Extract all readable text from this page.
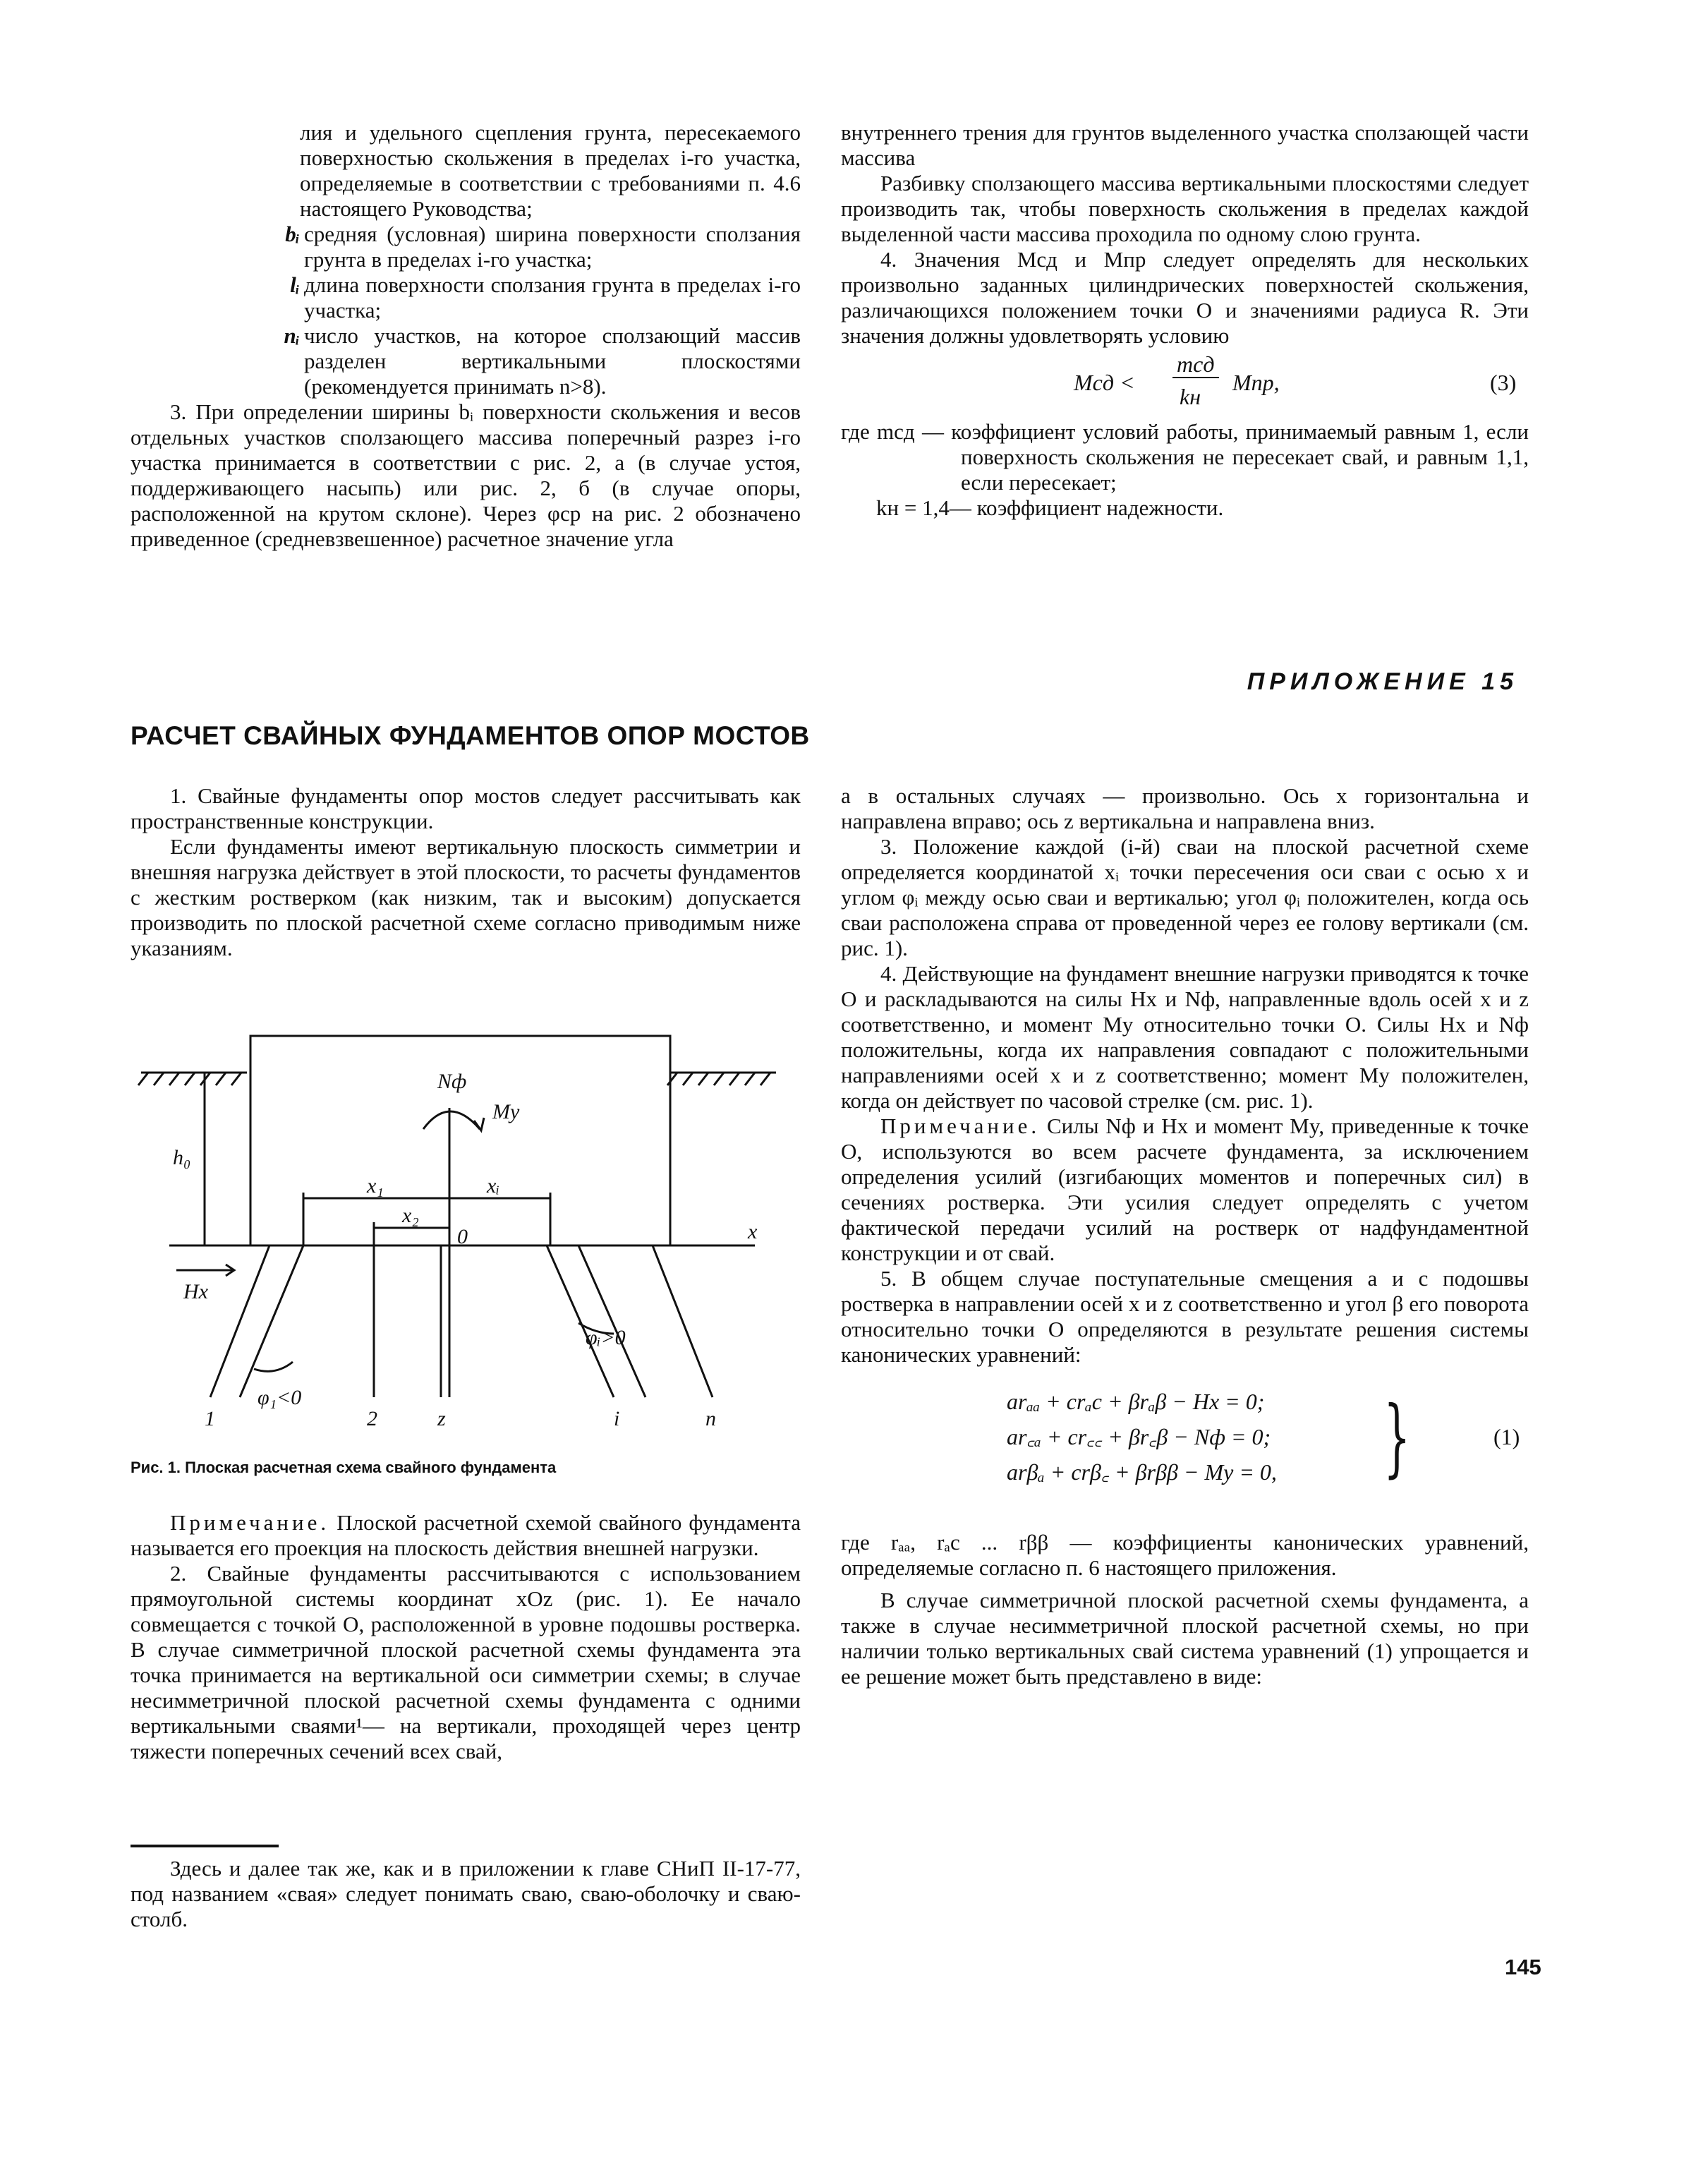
лия и удельного сцепления грунта, пересекаемого поверхностью скольжения в пределах i-го участка, определяемые в соответствии с требованиями п. 4.6 настоящего Руководства;

bᵢ средняя (условная) ширина поверхности сползания грунта в пределах i-го участка;
lᵢ длина поверхности сползания грунта в пределах i-го участка;
nᵢ число участков, на которое сползающий массив разделен вертикальными плоскостями (рекомендуется принимать n>8).

3. При определении ширины bᵢ поверхности скольжения и весов отдельных участков сползающего массива поперечный разрез i-го участка принимается в соответствии с рис. 2, а (в случае устоя, поддерживающего насыпь) или рис. 2, б (в случае опоры, расположенной на крутом склоне). Через φср на рис. 2 обозначено приведенное (средневзвешенное) расчетное значение угла

внутреннего трения для грунтов выделенного участка сползающей части массива

Разбивку сползающего массива вертикальными плоскостями следует производить так, чтобы поверхность скольжения в пределах каждой выделенной части массива проходила по одному слою грунта.

4. Значения Mсд и Mпр следует определять для нескольких произвольно заданных цилиндрических поверхностей скольжения, различающихся положением точки O и значениями радиуса R. Эти значения должны удовлетворять условию

Mсд <
mсд
kн
Mпр,	(3)

где mсд — коэффициент условий работы, принимаемый равным 1, если поверхность скольжения не пересекает свай, и равным 1,1, если пересекает;

kн = 1,4— коэффициент надежности.

ПРИЛОЖЕНИЕ 15
РАСЧЕТ СВАЙНЫХ ФУНДАМЕНТОВ ОПОР МОСТОВ

1. Свайные фундаменты опор мостов следует рассчитывать как пространственные конструкции.

Если фундаменты имеют вертикальную плоскость симметрии и внешняя нагрузка действует в этой плоскости, то расчеты фундаментов с жестким ростверком (как низким, так и высоким) допускается производить по плоской расчетной схеме согласно приводимым ниже указаниям.

Nф
My
h₀
x₁	xᵢ
x₂
0	x
Hx
φ₁<0
φᵢ>0
1	2	z	i	n
Рис. 1. Плоская расчетная схема свайного фундамента

Примечание. Плоской расчетной схемой свайного фундамента называется его проекция на плоскость действия внешней нагрузки.

2. Свайные фундаменты рассчитываются с использованием прямоугольной системы координат xOz (рис. 1). Ее начало совмещается с точкой O, расположенной в уровне подошвы ростверка. В случае симметричной плоской расчетной схемы фундамента эта точка принимается на вертикальной оси симметрии схемы; в случае несимметричной плоской расчетной схемы фундамента с одними вертикальными сваями¹— на вертикали, проходящей через центр тяжести поперечных сечений всех свай,

Здесь и далее так же, как и в приложении к главе СНиП II-17-77, под названием «свая» следует понимать сваю, сваю-оболочку и сваю-столб.

а в остальных случаях — произвольно. Ось x горизонтальна и направлена вправо; ось z вертикальна и направлена вниз.

3. Положение каждой (i-й) сваи на плоской расчетной схеме определяется координатой xᵢ точки пересечения оси сваи с осью x и углом φᵢ между осью сваи и вертикалью; угол φᵢ положителен, когда ось сваи расположена справа от проведенной через ее голову вертикали (см. рис. 1).

4. Действующие на фундамент внешние нагрузки приводятся к точке O и раскладываются на силы Hx и Nф, направленные вдоль осей x и z соответственно, и момент My относительно точки O. Силы Hx и Nф положительны, когда их направления совпадают с положительными направлениями осей x и z соответственно; момент My положителен, когда он действует по часовой стрелке (см. рис. 1).

Примечание. Силы Nф и Hx и момент My, приведенные к точке O, используются во всем расчете фундамента, за исключением определения усилий (изгибающих моментов и поперечных сил) в сечениях ростверка. Эти усилия следует определять с учетом фактической передачи усилий на ростверк от надфундаментной конструкции и от свай.

5. В общем случае поступательные смещения a и c подошвы ростверка в направлении осей x и z соответственно и угол β его поворота относительно точки O определяются в результате решения системы канонических уравнений:

arₐₐ + crₐc + βrₐβ − Hx = 0;
ar꜀ₐ + cr꜀꜀ + βr꜀β − Nф = 0;
arβₐ + crβ꜀ + βrββ − My = 0, }	(1)

где rₐₐ, rₐc ... rββ — коэффициенты канонических уравнений, определяемые согласно п. 6 настоящего приложения.

В случае симметричной плоской расчетной схемы фундамента, а также в случае несимметричной плоской расчетной схемы, но при наличии только вертикальных свай система уравнений (1) упрощается и ее решение может быть представлено в виде:

145
